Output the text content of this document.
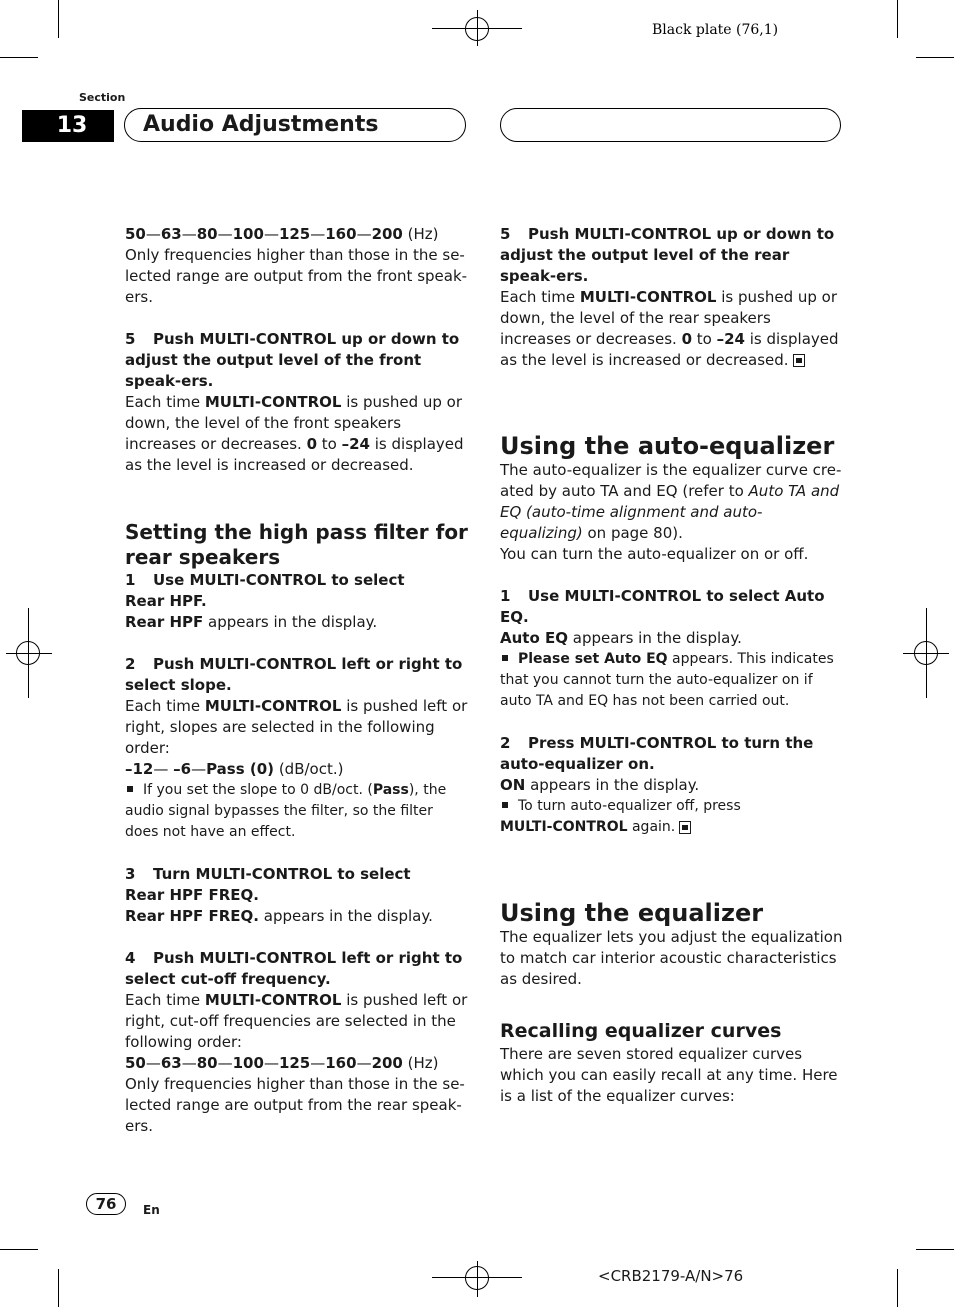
Black plate (76,1)
Section
13	Audio Adjustments

50—63—80—100—125—160—200 (Hz)

Only frequencies higher than those in the se-lected range are output from the front speak-ers.

5 Push MULTI-CONTROL up or down to adjust the output level of the front speak-ers.

Each time MULTI-CONTROL is pushed up or down, the level of the front speakers increases or decreases. 0 to –24 is displayed as the level is increased or decreased.

Setting the high pass filter for rear speakers

1 Use MULTI-CONTROL to select
Rear HPF.

Rear HPF appears in the display.

2 Push MULTI-CONTROL left or right to select slope.

Each time MULTI-CONTROL is pushed left or right, slopes are selected in the following order:

–12— –6—Pass (0) (dB/oct.)

If you set the slope to 0 dB/oct. (Pass), the audio signal bypasses the filter, so the filter does not have an effect.

3 Turn MULTI-CONTROL to select
Rear HPF FREQ.

Rear HPF FREQ. appears in the display.

4 Push MULTI-CONTROL left or right to select cut-off frequency.

Each time MULTI-CONTROL is pushed left or right, cut-off frequencies are selected in the following order:

50—63—80—100—125—160—200 (Hz)

Only frequencies higher than those in the se-lected range are output from the rear speak-ers.

5 Push MULTI-CONTROL up or down to adjust the output level of the rear speak-ers.

Each time MULTI-CONTROL is pushed up or down, the level of the rear speakers increases or decreases. 0 to –24 is displayed as the level is increased or decreased.

Using the auto-equalizer

The auto-equalizer is the equalizer curve cre-ated by auto TA and EQ (refer to Auto TA and EQ (auto-time alignment and auto-equalizing) on page 80).
You can turn the auto-equalizer on or off.

1 Use MULTI-CONTROL to select Auto EQ.

Auto EQ appears in the display.

Please set Auto EQ appears. This indicates that you cannot turn the auto-equalizer on if auto TA and EQ has not been carried out.

2 Press MULTI-CONTROL to turn the auto-equalizer on.

ON appears in the display.

To turn auto-equalizer off, press
MULTI-CONTROL again.

Using the equalizer

The equalizer lets you adjust the equalization to match car interior acoustic characteristics as desired.

Recalling equalizer curves

There are seven stored equalizer curves which you can easily recall at any time. Here is a list of the equalizer curves:

76	En
<CRB2179-A/N>76
